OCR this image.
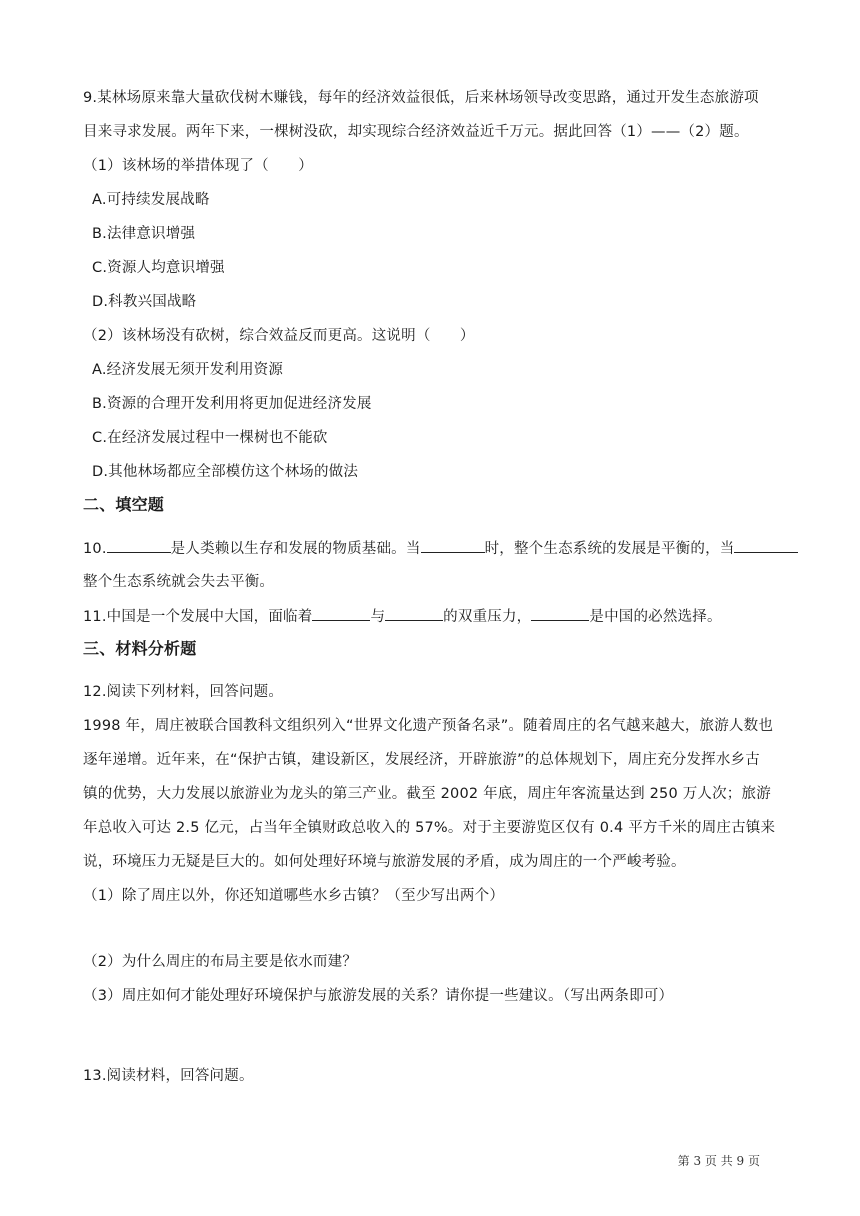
9.某林场原来靠大量砍伐树木赚钱，每年的经济效益很低，后来林场领导改变思路，通过开发生态旅游项
目来寻求发展。两年下来，一棵树没砍，却实现综合经济效益近千万元。据此回答（1）——（2）题。
（1）该林场的举措体现了（　　）
A.可持续发展战略
B.法律意识增强
C.资源人均意识增强
D.科教兴国战略
（2）该林场没有砍树，综合效益反而更高。这说明（　　）
A.经济发展无须开发利用资源
B.资源的合理开发利用将更加促进经济发展
C.在经济发展过程中一棵树也不能砍
D.其他林场都应全部模仿这个林场的做法
二、填空题
10.	是人类赖以生存和发展的物质基础。当	时，整个生态系统的发展是平衡的，当
整个生态系统就会失去平衡。
11.中国是一个发展中大国，面临着	与	的双重压力，	是中国的必然选择。
三、材料分析题
12.阅读下列材料，回答问题。
1998 年，周庄被联合国教科文组织列入“世界文化遗产预备名录”。随着周庄的名气越来越大，旅游人数也
逐年递增。近年来，在“保护古镇，建设新区，发展经济，开辟旅游”的总体规划下，周庄充分发挥水乡古
镇的优势，大力发展以旅游业为龙头的第三产业。截至 2002 年底，周庄年客流量达到 250 万人次；旅游
年总收入可达 2.5 亿元，占当年全镇财政总收入的 57%。对于主要游览区仅有 0.4 平方千米的周庄古镇来
说，环境压力无疑是巨大的。如何处理好环境与旅游发展的矛盾，成为周庄的一个严峻考验。
（1）除了周庄以外，你还知道哪些水乡古镇？（至少写出两个）
（2）为什么周庄的布局主要是依水而建？
（3）周庄如何才能处理好环境保护与旅游发展的关系？请你提一些建议。（写出两条即可）
13.阅读材料，回答问题。
第 3 页 共 9 页
